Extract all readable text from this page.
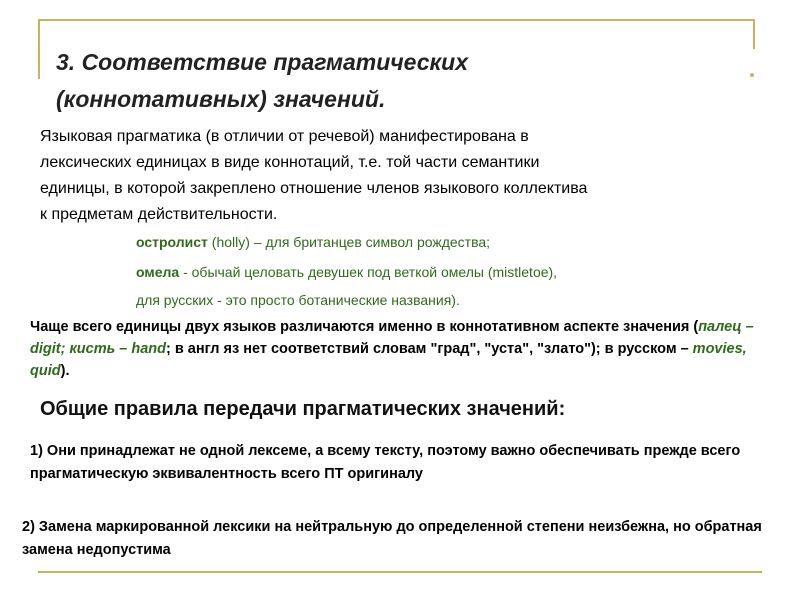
3. Соответствие прагматических
(коннотативных) значений.
Языковая прагматика (в отличии от речевой) манифестирована в
лексических единицах в виде коннотаций, т.е. той части семантики
единицы, в которой закреплено отношение членов языкового коллектива
к предметам действительности.
остролист (holly) – для британцев символ рождества;
омела - обычай целовать девушек под веткой омелы (mistletoe),
для русских - это просто ботанические названия).
Чаще всего единицы двух языков различаются именно в коннотативном аспекте значения (палец – digit; кисть – hand; в англ яз нет соответствий словам "град", "уста", "злато"); в русском – movies, quid).
Общие правила передачи прагматических значений:
1) Они принадлежат не одной лексеме, а всему тексту, поэтому важно обеспечивать прежде всего прагматическую эквивалентность всего ПТ оригиналу
2) Замена маркированной лексики на нейтральную до определенной степени неизбежна, но обратная замена недопустима
